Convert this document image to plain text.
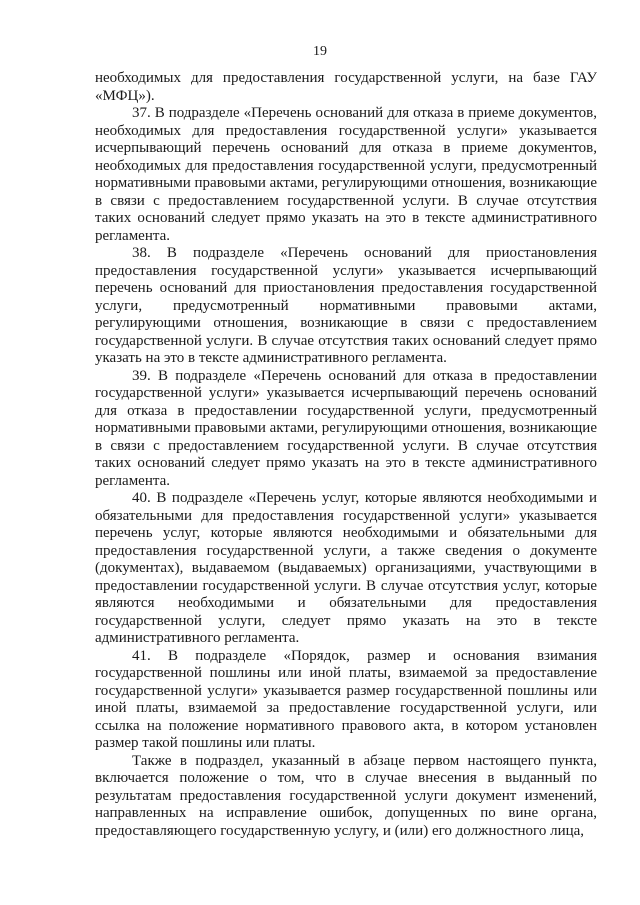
19

необходимых для предоставления государственной услуги, на базе ГАУ «МФЦ»).

37. В подразделе «Перечень оснований для отказа в приеме документов, необходимых для предоставления государственной услуги» указывается исчерпывающий перечень оснований для отказа в приеме документов, необходимых для предоставления государственной услуги, предусмотренный нормативными правовыми актами, регулирующими отношения, возникающие в связи с предоставлением государственной услуги. В случае отсутствия таких оснований следует прямо указать на это в тексте административного регламента.

38. В подразделе «Перечень оснований для приостановления предоставления государственной услуги» указывается исчерпывающий перечень оснований для приостановления предоставления государственной услуги, предусмотренный нормативными правовыми актами, регулирующими отношения, возникающие в связи с предоставлением государственной услуги. В случае отсутствия таких оснований следует прямо указать на это в тексте административного регламента.

39. В подразделе «Перечень оснований для отказа в предоставлении государственной услуги» указывается исчерпывающий перечень оснований для отказа в предоставлении государственной услуги, предусмотренный нормативными правовыми актами, регулирующими отношения, возникающие в связи с предоставлением государственной услуги. В случае отсутствия таких оснований следует прямо указать на это в тексте административного регламента.

40. В подразделе «Перечень услуг, которые являются необходимыми и обязательными для предоставления государственной услуги» указывается перечень услуг, которые являются необходимыми и обязательными для предоставления государственной услуги, а также сведения о документе (документах), выдаваемом (выдаваемых) организациями, участвующими в предоставлении государственной услуги. В случае отсутствия услуг, которые являются необходимыми и обязательными для предоставления государственной услуги, следует прямо указать на это в тексте административного регламента.

41. В подразделе «Порядок, размер и основания взимания государственной пошлины или иной платы, взимаемой за предоставление государственной услуги» указывается размер государственной пошлины или иной платы, взимаемой за предоставление государственной услуги, или ссылка на положение нормативного правового акта, в котором установлен размер такой пошлины или платы.

Также в подраздел, указанный в абзаце первом настоящего пункта, включается положение о том, что в случае внесения в выданный по результатам предоставления государственной услуги документ изменений, направленных на исправление ошибок, допущенных по вине органа, предоставляющего государственную услугу, и (или) его должностного лица,
